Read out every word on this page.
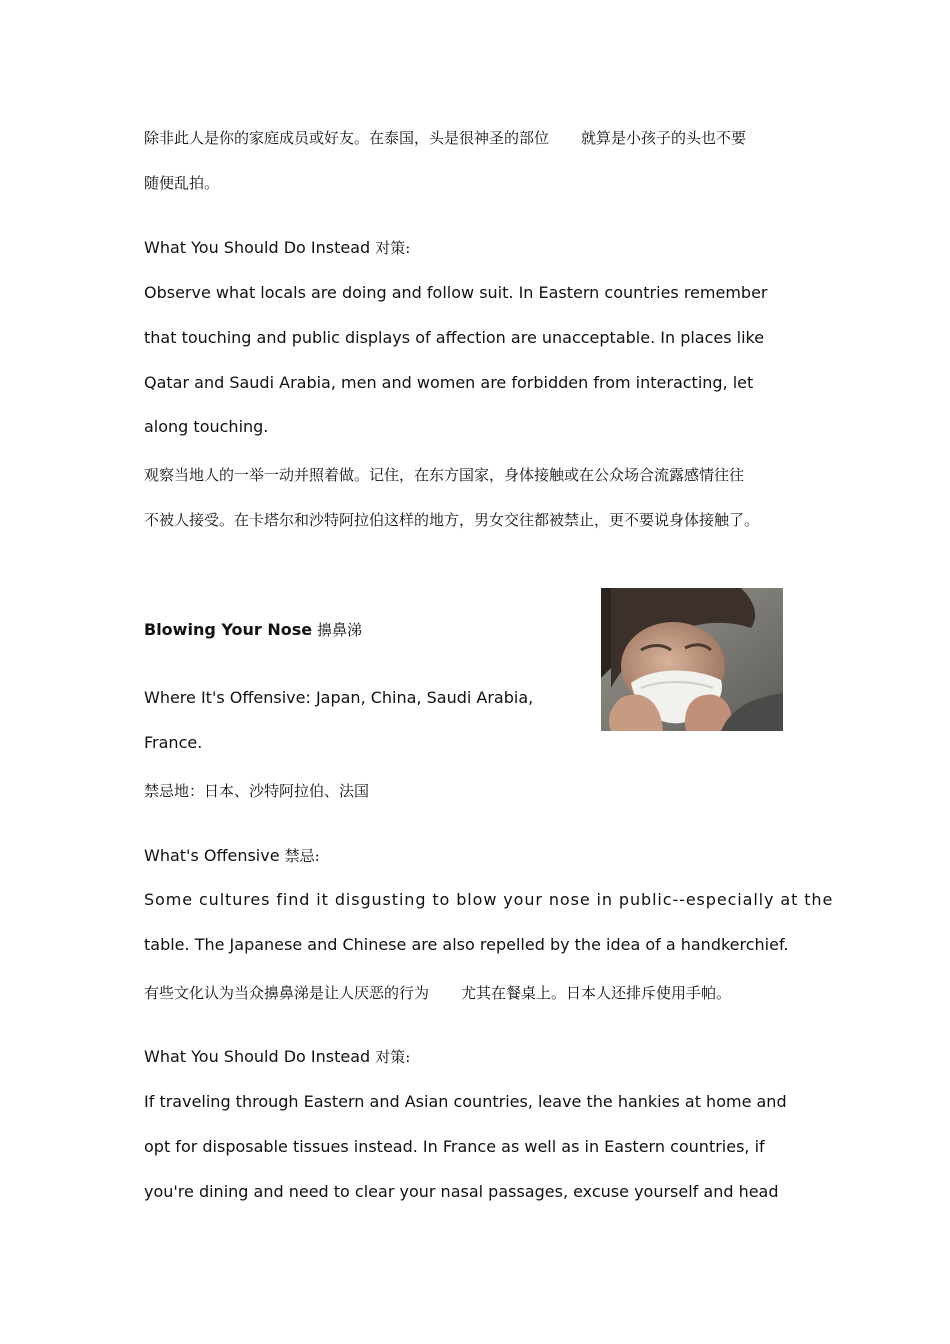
除非此人是你的家庭成员或好友。在泰国，头是很神圣的部位 就算是小孩子的头也不要
随便乱拍。
What You Should Do Instead 对策:
Observe what locals are doing and follow suit. In Eastern countries remember
that touching and public displays of affection are unacceptable. In places like
Qatar and Saudi Arabia, men and women are forbidden from interacting, let
along touching.
观察当地人的一举一动并照着做。记住，在东方国家，身体接触或在公众场合流露感情往往
不被人接受。在卡塔尔和沙特阿拉伯这样的地方，男女交往都被禁止，更不要说身体接触了。
Blowing Your Nose 擤鼻涕
Where It's Offensive: Japan, China, Saudi Arabia,
France.
禁忌地：日本、沙特阿拉伯、法国
What's Offensive 禁忌:
Some cultures find it disgusting to blow your nose in public--especially at the
table. The Japanese and Chinese are also repelled by the idea of a handkerchief.
有些文化认为当众擤鼻涕是让人厌恶的行为 尤其在餐桌上。日本人还排斥使用手帕。
What You Should Do Instead 对策:
If traveling through Eastern and Asian countries, leave the hankies at home and
opt for disposable tissues instead. In France as well as in Eastern countries, if
you're dining and need to clear your nasal passages, excuse yourself and head
